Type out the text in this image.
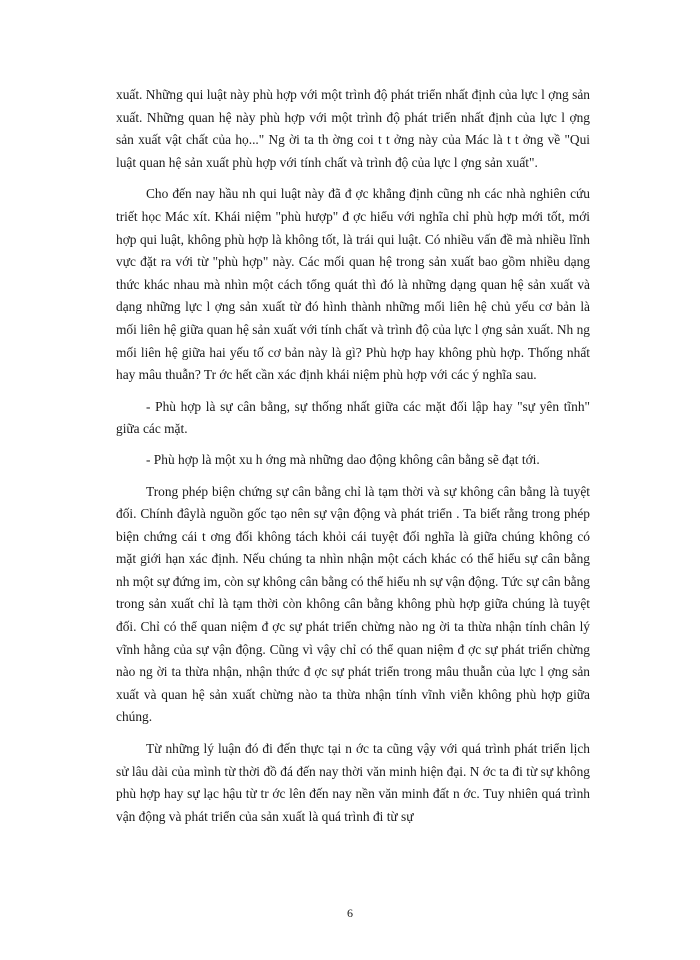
xuất. Những qui luật này phù hợp với một trình độ phát triển nhất định của lực l ợng sản xuất. Những quan hệ này phù hợp với một trình độ phát triển nhất định của lực l ợng sản xuất vật chất của họ..." Ng ời ta th ờng coi t t ởng này của Mác là t t ởng về "Qui luật quan hệ sản xuất phù hợp với tính chất và trình độ của lực l ợng sản xuất".

Cho đến nay hầu nh qui luật này đã đ ợc khẳng định cũng nh các nhà nghiên cứu triết học Mác xít. Khái niệm "phù hượp" đ ợc hiểu với nghĩa chỉ phù hợp mới tốt, mới hợp qui luật, không phù hợp là không tốt, là trái qui luật. Có nhiều vấn đề mà nhiều lĩnh vực đặt ra với từ "phù hợp" này. Các mối quan hệ trong sản xuất bao gồm nhiều dạng thức khác nhau mà nhìn một cách tổng quát thì đó là những dạng quan hệ sản xuất và dạng những lực l ợng sản xuất từ đó hình thành những mối liên hệ chủ yếu cơ bản là mối liên hệ giữa quan hệ sản xuất với tính chất và trình độ của lực l ợng sản xuất. Nh ng mối liên hệ giữa hai yếu tố cơ bản này là gì? Phù hợp hay không phù hợp. Thống nhất hay mâu thuẫn? Tr ớc hết cần xác định khái niệm phù hợp với các ý nghĩa sau.

- Phù hợp là sự cân bằng, sự thống nhất giữa các mặt đối lập hay "sự yên tĩnh" giữa các mặt.

- Phù hợp là một xu h ớng mà những dao động không cân bằng sẽ đạt tới.

Trong phép biện chứng sự cân bằng chỉ là tạm thời và sự không cân bằng là tuyệt đối. Chính đâylà nguồn gốc tạo nên sự vận động và phát triển . Ta biết rằng trong phép biện chứng cái t ơng đối không tách khỏi cái tuyệt đối nghĩa là giữa chúng không có mặt giới hạn xác định. Nếu chúng ta nhìn nhận một cách khác có thể hiểu sự cân bằng nh một sự đứng im, còn sự không cân bằng có thể hiểu nh sự vận động. Tức sự cân bằng trong sản xuất chỉ là tạm thời còn không cân bằng không phù hợp giữa chúng là tuyệt đối. Chỉ có thể quan niệm đ ợc sự phát triển chừng nào ng ời ta thừa nhận tính chân lý vĩnh hằng của sự vận động. Cũng vì vậy chỉ có thể quan niệm đ ợc sự phát triển chừng nào ng ời ta thừa nhận, nhận thức đ ợc sự phát triển trong mâu thuẫn của lực l ợng sản xuất và quan hệ sản xuất chừng nào ta thừa nhận tính vĩnh viễn không phù hợp giữa chúng.

Từ những lý luận đó đi đến thực tại n ớc ta cũng vậy với quá trình phát triển lịch sử lâu dài của mình từ thời đồ đá đến nay thời văn minh hiện đại. N ớc ta đi từ sự không phù hợp hay sự lạc hậu từ tr ớc lên đến nay nền văn minh đất n ớc. Tuy nhiên quá trình vận động và phát triển của sản xuất là quá trình đi từ sự

6
